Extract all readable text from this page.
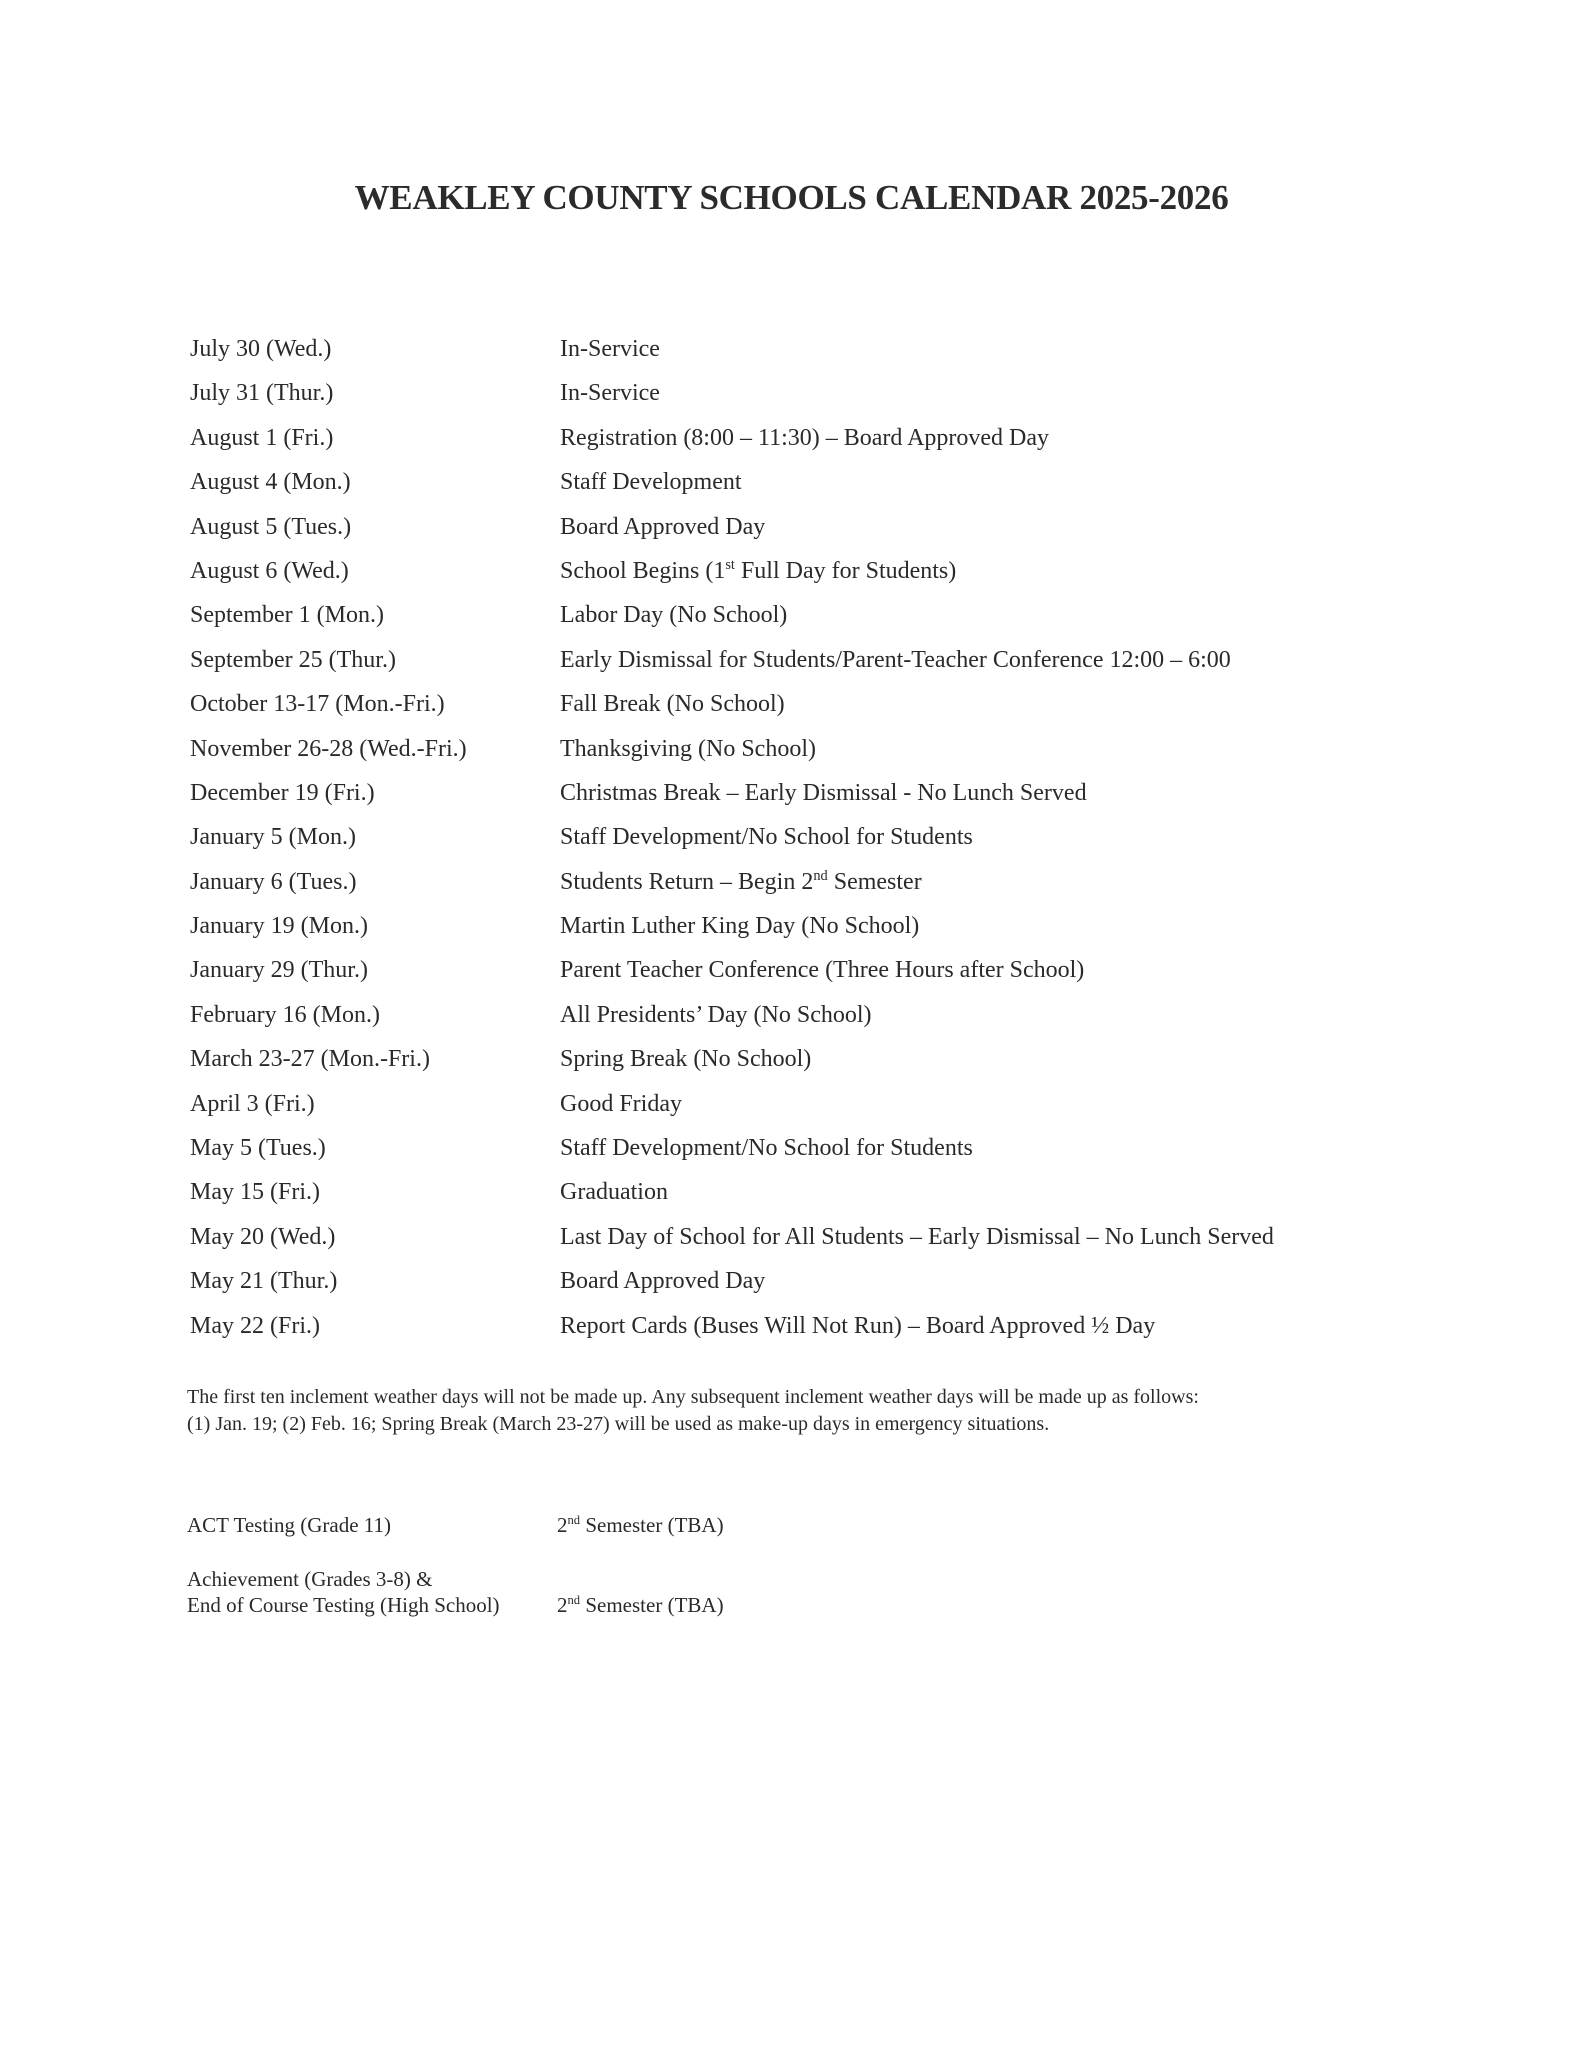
WEAKLEY COUNTY SCHOOLS CALENDAR 2025-2026
July 30 (Wed.)	In-Service
July 31 (Thur.)	In-Service
August 1 (Fri.)	Registration (8:00 – 11:30) – Board Approved Day
August 4 (Mon.)	Staff Development
August 5 (Tues.)	Board Approved Day
August 6 (Wed.)	School Begins (1st Full Day for Students)
September 1 (Mon.)	Labor Day (No School)
September 25 (Thur.)	Early Dismissal for Students/Parent-Teacher Conference 12:00 – 6:00
October 13-17 (Mon.-Fri.)	Fall Break (No School)
November 26-28 (Wed.-Fri.)	Thanksgiving (No School)
December 19 (Fri.)	Christmas Break – Early Dismissal - No Lunch Served
January 5 (Mon.)	Staff Development/No School for Students
January 6 (Tues.)	Students Return – Begin 2nd Semester
January 19 (Mon.)	Martin Luther King Day (No School)
January 29 (Thur.)	Parent Teacher Conference (Three Hours after School)
February 16 (Mon.)	All Presidents’ Day (No School)
March 23-27 (Mon.-Fri.)	Spring Break (No School)
April 3 (Fri.)	Good Friday
May 5 (Tues.)	Staff Development/No School for Students
May 15 (Fri.)	Graduation
May 20 (Wed.)	Last Day of School for All Students – Early Dismissal – No Lunch Served
May 21 (Thur.)	Board Approved Day
May 22 (Fri.)	Report Cards (Buses Will Not Run) – Board Approved ½ Day
The first ten inclement weather days will not be made up. Any subsequent inclement weather days will be made up as follows:
(1) Jan. 19; (2) Feb. 16; Spring Break (March 23-27) will be used as make-up days in emergency situations.
ACT Testing (Grade 11)	2nd Semester (TBA)
Achievement (Grades 3-8) &
End of Course Testing (High School)	2nd Semester (TBA)
